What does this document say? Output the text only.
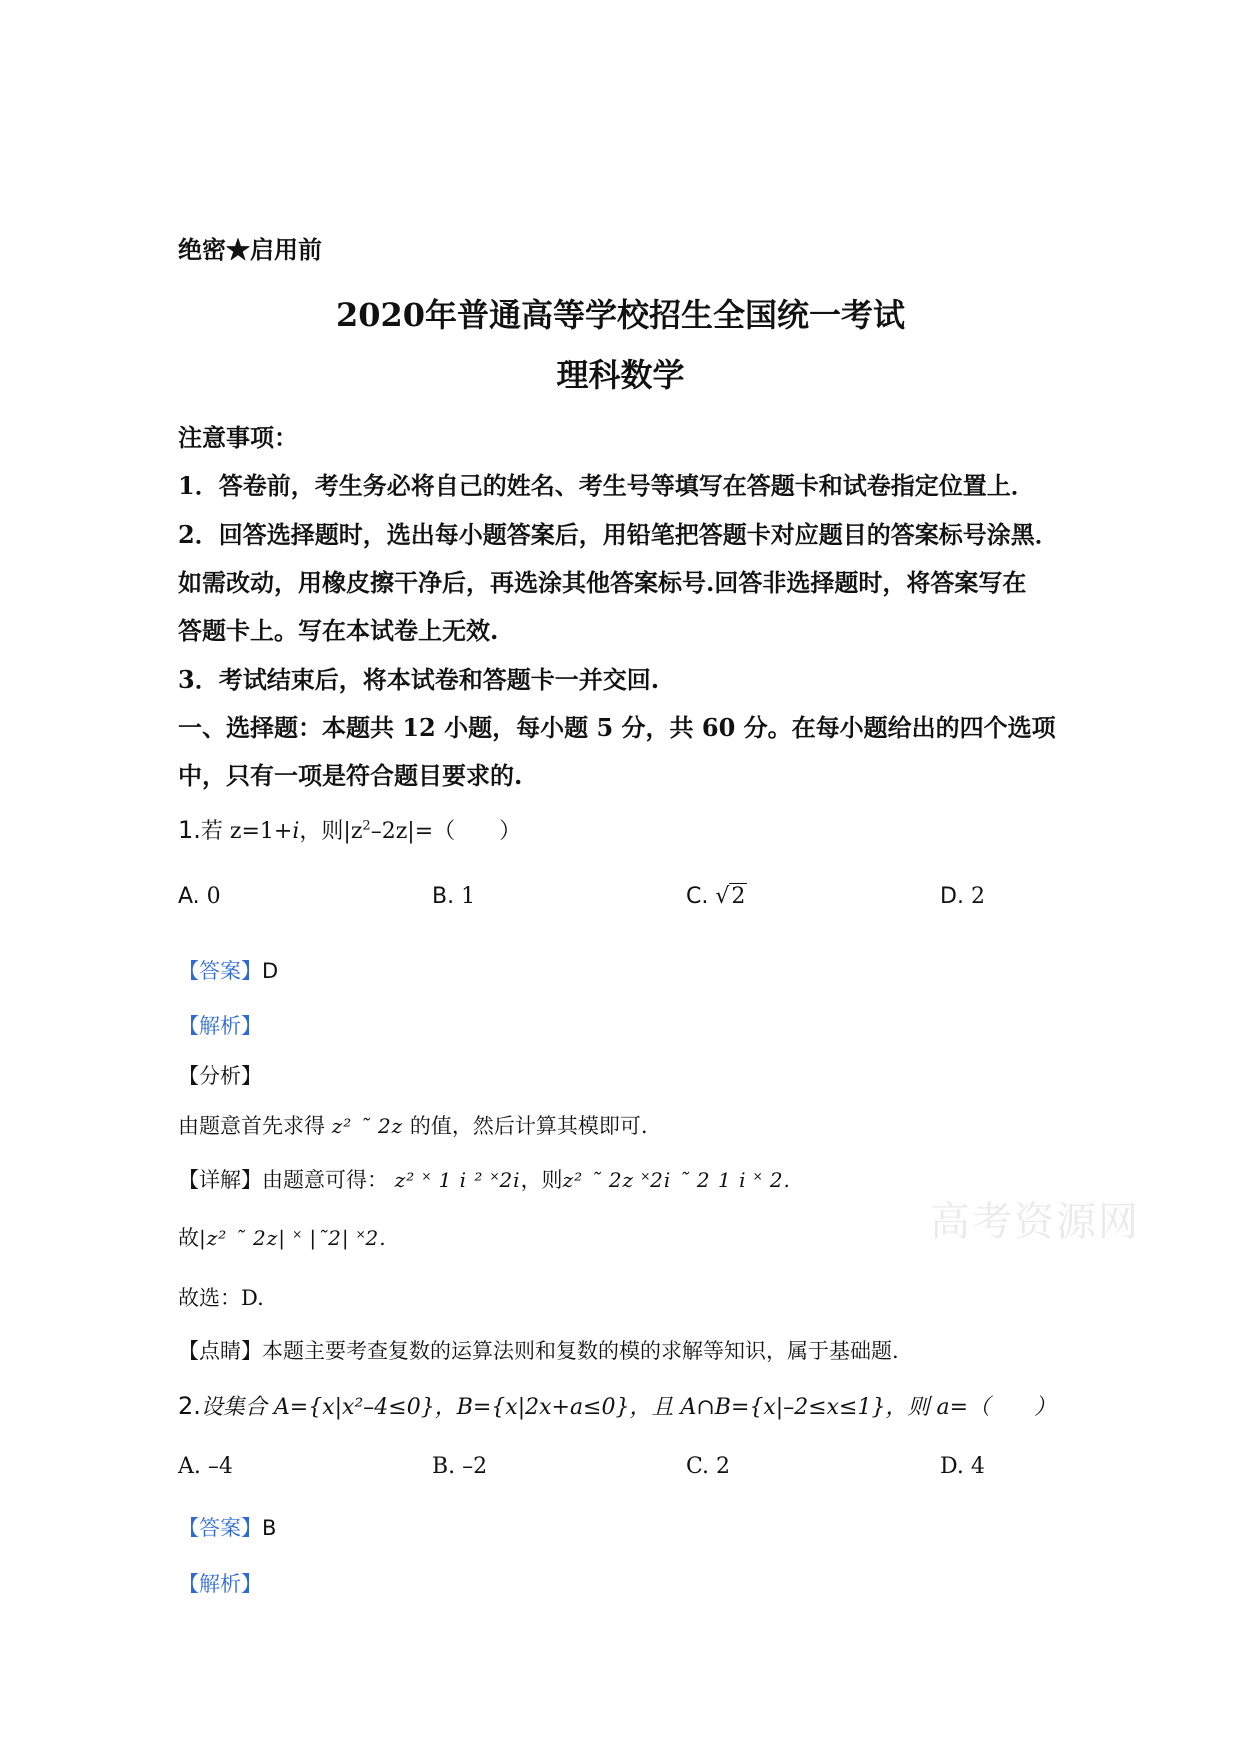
绝密★启用前
2020年普通高等学校招生全国统一考试
理科数学
注意事项：
1．答卷前，考生务必将自己的姓名、考生号等填写在答题卡和试卷指定位置上．
2．回答选择题时，选出每小题答案后，用铅笔把答题卡对应题目的答案标号涂黑．
如需改动，用橡皮擦干净后，再选涂其他答案标号.回答非选择题时，将答案写在
答题卡上。写在本试卷上无效.
3．考试结束后，将本试卷和答题卡一并交回.
一、选择题：本题共 12 小题，每小题 5 分，共 60 分。在每小题给出的四个选项
中，只有一项是符合题目要求的.
1.若 z=1+i，则$|z^2-2z|=$（　　）
A. 0	B. 1	C. √2	D. 2
【答案】D
【解析】
【分析】
由题意首先求得 z² ˜ 2z 的值，然后计算其模即可.
【详解】由题意可得： z² ˟ 1 i ² ˟2i，则z² ˜ 2z ˟2i ˜ 2 1 i ˟ 2.
故|z² ˜ 2z| ˟ |˜2| ˟2.
故选：D.
【点睛】本题主要考查复数的运算法则和复数的模的求解等知识，属于基础题.
2.设集合 A={x|x²–4≤0}，B={x|2x+a≤0}，且 A∩B={x|–2≤x≤1}，则 a=（　　）
A. –4	B. –2	C. 2	D. 4
【答案】B
【解析】
高考资源网
